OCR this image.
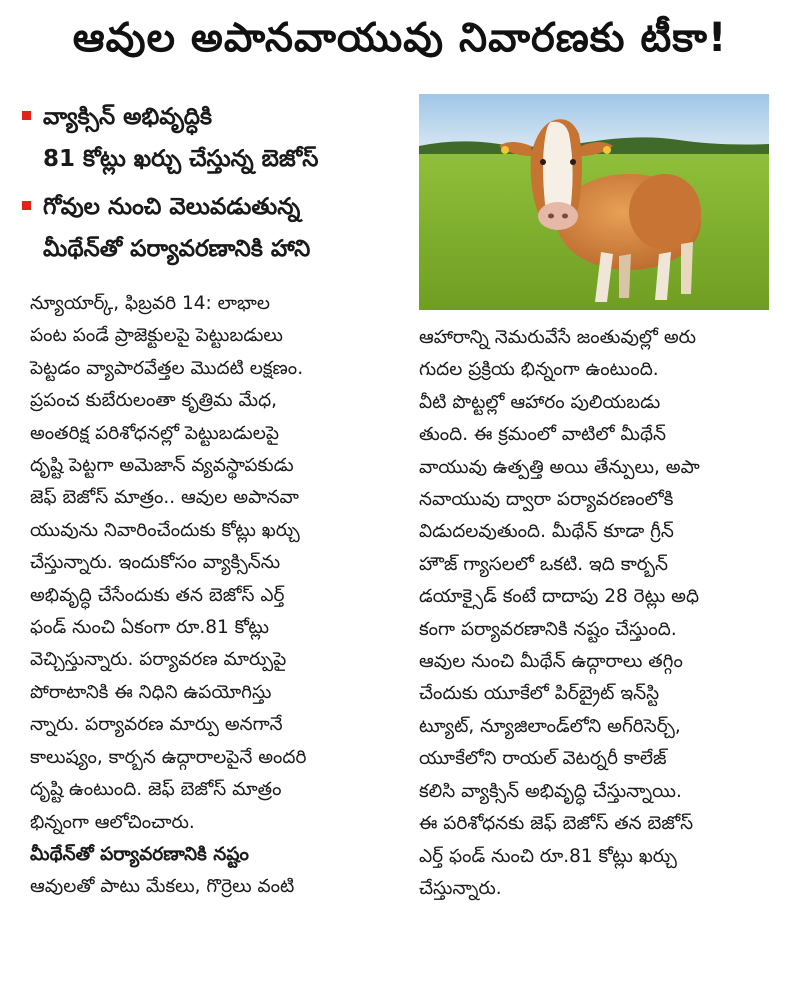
ఆవుల అపానవాయువు నివారణకు టీకా!
వ్యాక్సిన్ అభివృద్ధికి
81 కోట్లు ఖర్చు చేస్తున్న బెజోస్
గోవుల నుంచి వెలువడుతున్న
మీథేన్‌తో పర్యావరణానికి హాని
న్యూయార్క్, ఫిబ్రవరి 14: లాభాల
పంట పండే ప్రాజెక్టులపై పెట్టుబడులు
పెట్టడం వ్యాపారవేత్తల మొదటి లక్షణం.
ప్రపంచ కుబేరులంతా కృత్రిమ మేధ,
అంతరిక్ష పరిశోధనల్లో పెట్టుబడులపై
దృష్టి పెట్టగా అమెజాన్ వ్యవస్థాపకుడు
జెఫ్ బెజోస్ మాత్రం.. ఆవుల అపానవా
యువును నివారించేందుకు కోట్లు ఖర్చు
చేస్తున్నారు. ఇందుకోసం వ్యాక్సిన్‌ను
అభివృద్ధి చేసేందుకు తన బెజోస్ ఎర్త్
ఫండ్ నుంచి ఏకంగా రూ.81 కోట్లు
వెచ్చిస్తున్నారు. పర్యావరణ మార్పుపై
పోరాటానికి ఈ నిధిని ఉపయోగిస్తు
న్నారు. పర్యావరణ మార్పు అనగానే
కాలుష్యం, కార్బన ఉద్గారాలపైనే అందరి
దృష్టి ఉంటుంది. జెఫ్ బెజోస్ మాత్రం
భిన్నంగా ఆలోచించారు.
మీథేన్‌తో పర్యావరణానికి నష్టం
ఆవులతో పాటు మేకలు, గొర్రెలు వంటి
ఆహారాన్ని నెమరువేసే జంతువుల్లో అరు
గుదల ప్రక్రియ భిన్నంగా ఉంటుంది.
వీటి పొట్టల్లో ఆహారం పులియబడు
తుంది. ఈ క్రమంలో వాటిలో మీథేన్
వాయువు ఉత్పత్తి అయి తేన్పులు, అపా
నవాయువు ద్వారా పర్యావరణంలోకి
విడుదలవుతుంది. మీథేన్ కూడా గ్రీన్
హౌజ్ గ్యాసలలో ఒకటి. ఇది కార్బన్
డయాక్సైడ్ కంటే దాదాపు 28 రెట్లు అధి
కంగా పర్యావరణానికి నష్టం చేస్తుంది.
ఆవుల నుంచి మీథేన్ ఉద్గారాలు తగ్గిం
చేందుకు యూకేలో పిర్‌బ్రైట్ ఇన్‌స్టి
ట్యూట్, న్యూజిలాండ్‌లోని అగ్‌రిసెర్చ్,
యూకేలోని రాయల్ వెటర్నరీ కాలేజ్
కలిసి వ్యాక్సిన్ అభివృద్ధి చేస్తున్నాయి.
ఈ పరిశోధనకు జెఫ్ బెజోస్ తన బెజోస్
ఎర్త్ ఫండ్ నుంచి రూ.81 కోట్లు ఖర్చు
చేస్తున్నారు.
